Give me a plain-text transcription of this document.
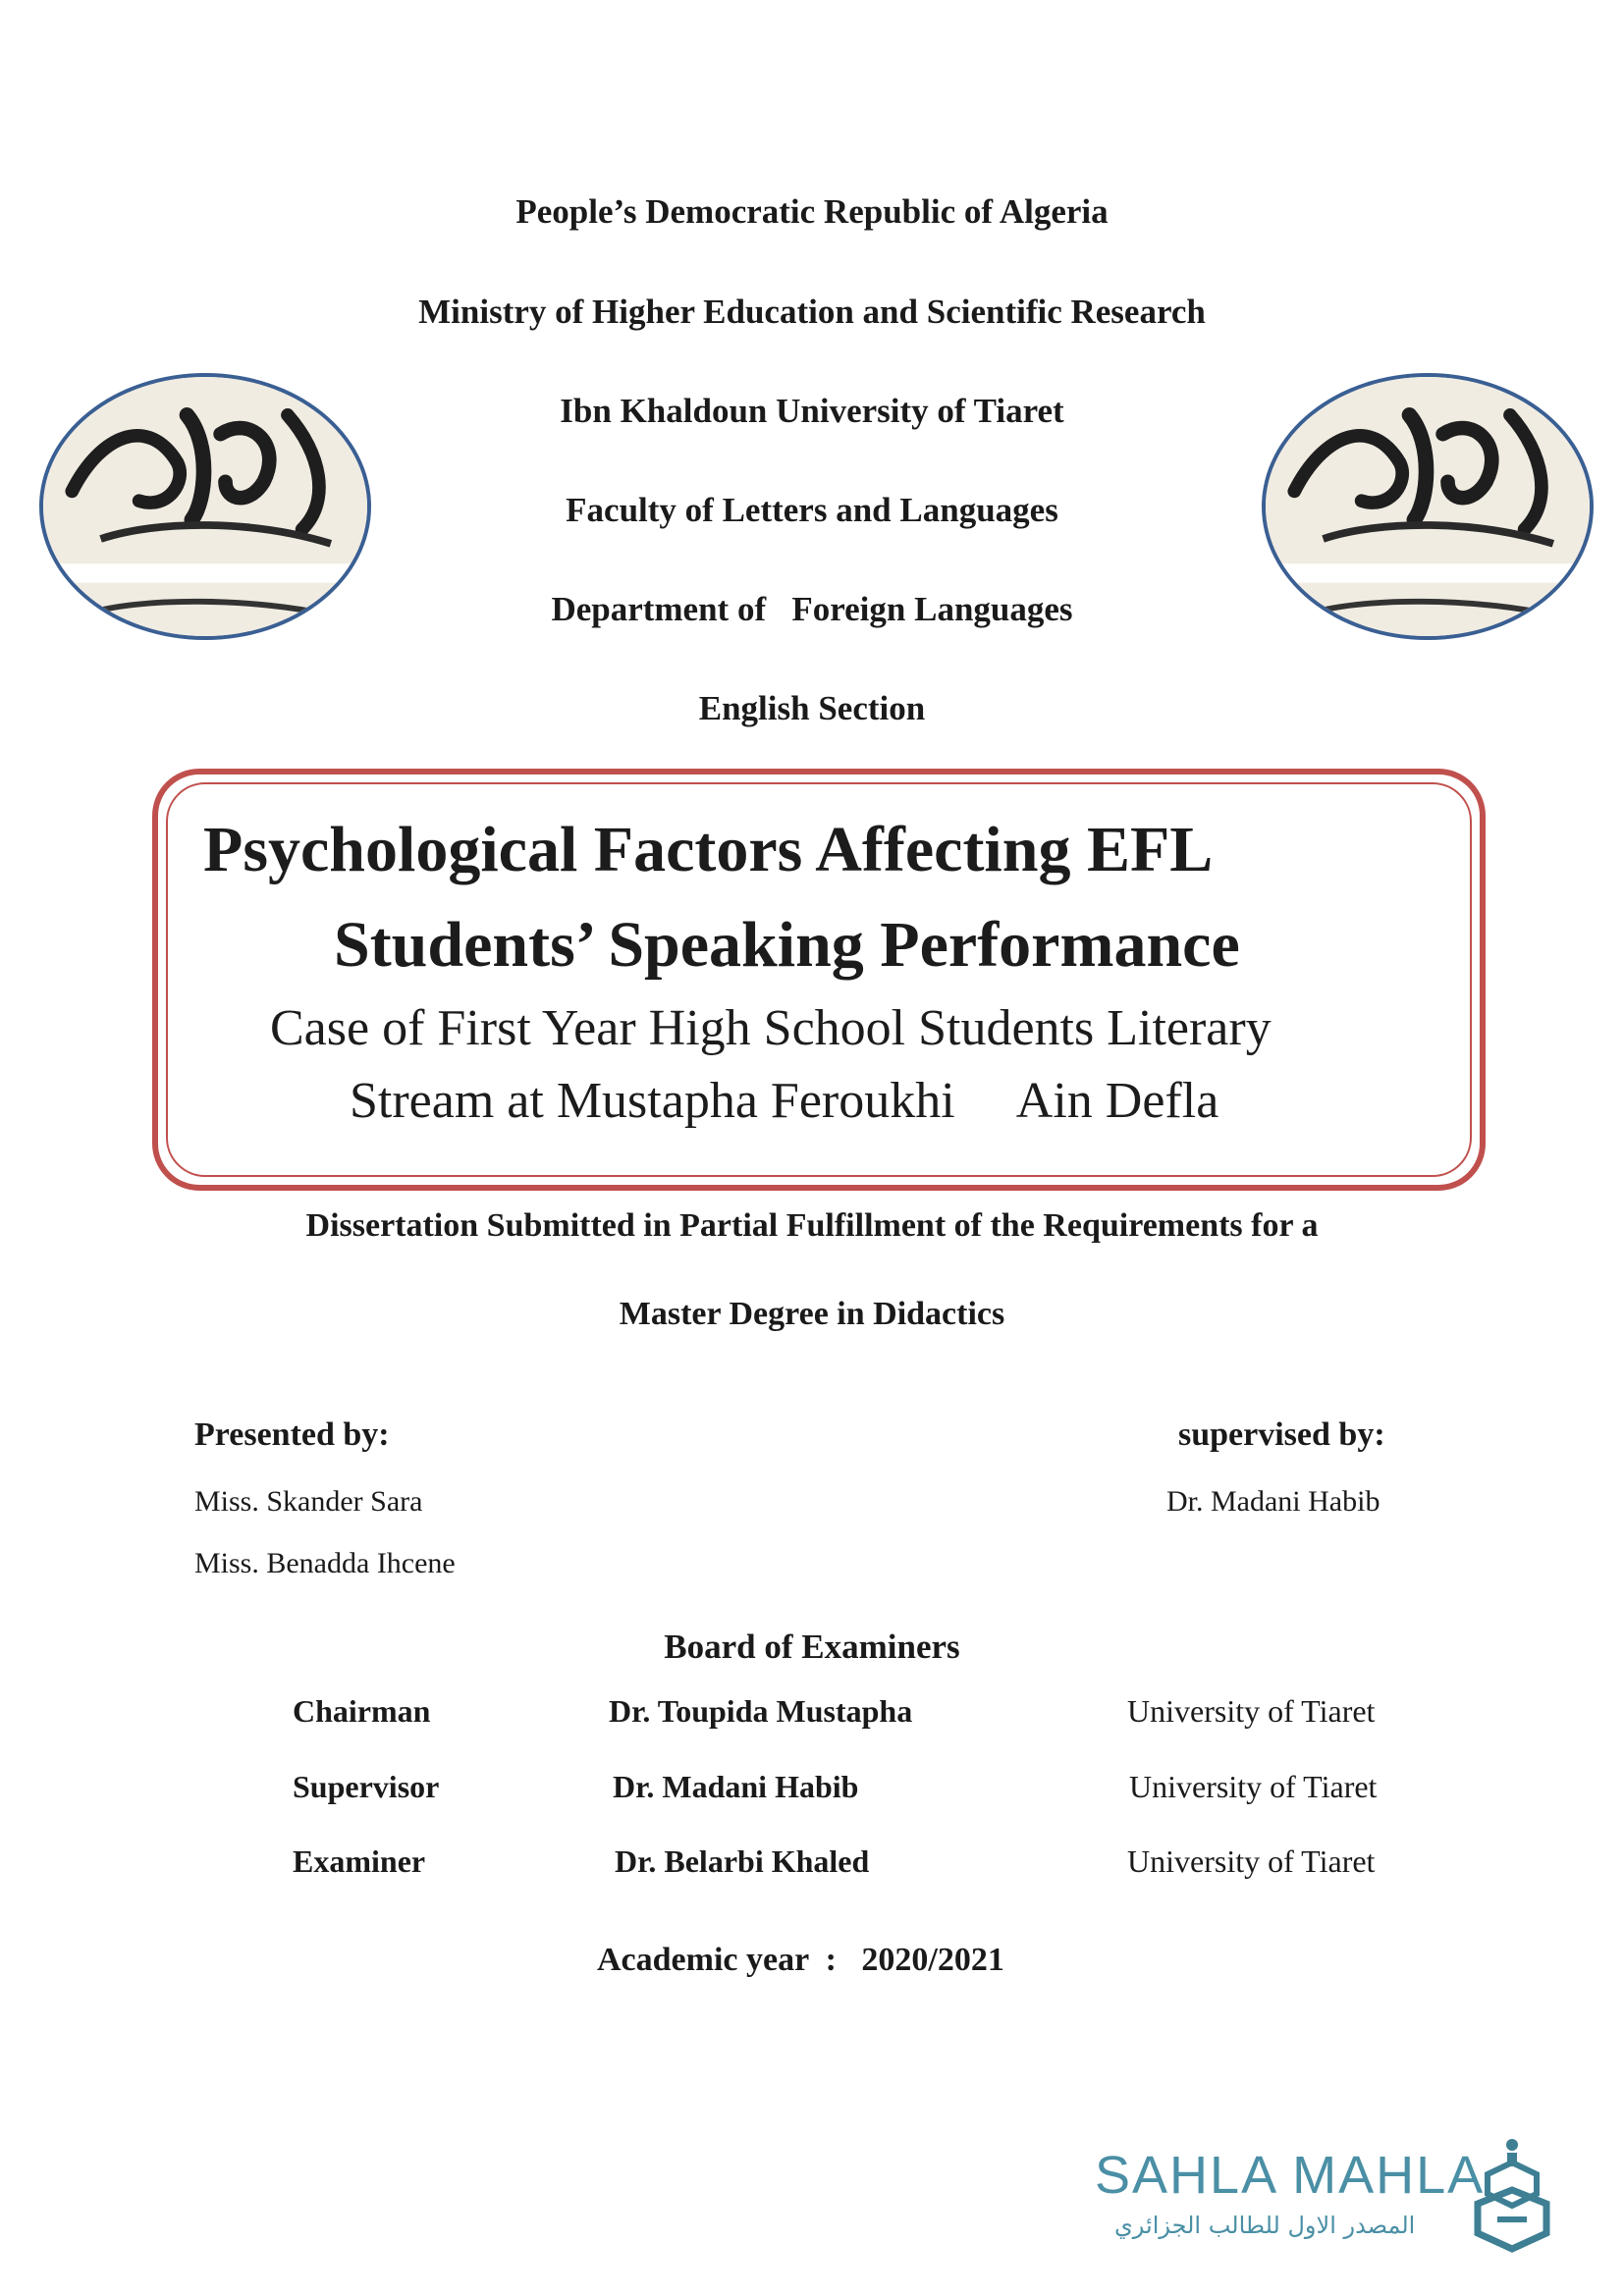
People’s Democratic Republic of Algeria
Ministry of Higher Education and Scientific Research
Ibn Khaldoun University of Tiaret
Faculty of Letters and Languages
Department of   Foreign Languages
English Section
Psychological Factors Affecting EFL
Students’ Speaking Performance
Case of First Year High School Students Literary
Stream at Mustapha Feroukhi     Ain Defla
Dissertation Submitted in Partial Fulfillment of the Requirements for a
Master Degree in Didactics
Presented by:
Miss. Skander Sara
Miss. Benadda Ihcene
supervised by:
Dr. Madani Habib
Board of Examiners
Chairman	Dr. Toupida Mustapha	University of Tiaret
Supervisor	Dr. Madani Habib	University of Tiaret
Examiner	Dr. Belarbi Khaled	University of Tiaret
Academic year  :   2020/2021
SAHLA MAHLA
المصدر الاول للطالب الجزائري
